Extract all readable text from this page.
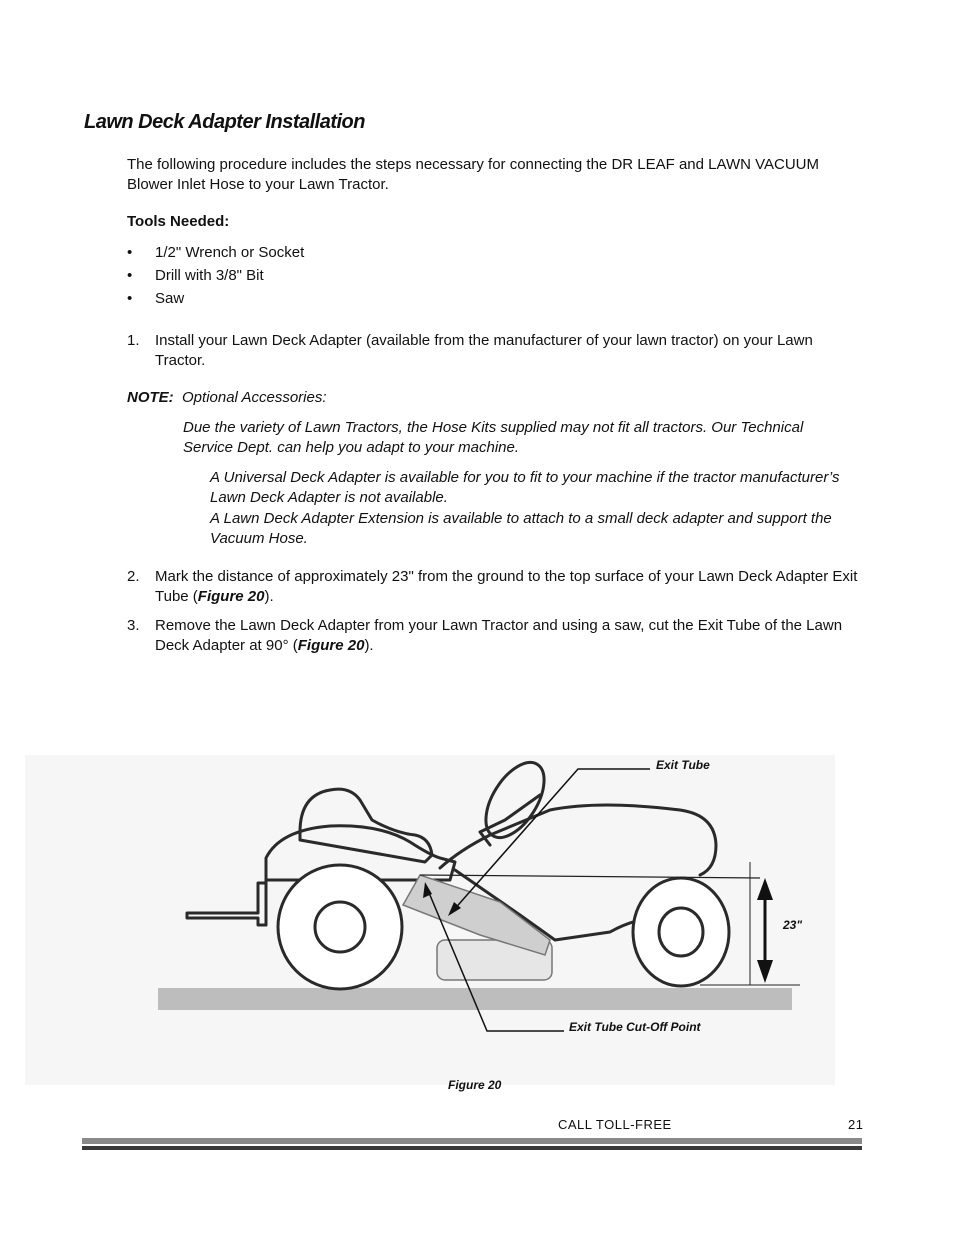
Lawn Deck Adapter Installation
The following procedure includes the steps necessary for connecting the DR LEAF and LAWN VACUUM Blower Inlet Hose to your Lawn Tractor.
Tools Needed:
• 1/2" Wrench or Socket
• Drill with 3/8" Bit
• Saw
1. Install your Lawn Deck Adapter (available from the manufacturer of your lawn tractor) on your Lawn Tractor.
NOTE: Optional Accessories:
Due the variety of Lawn Tractors, the Hose Kits supplied may not fit all tractors. Our Technical Service Dept. can help you adapt to your machine.
A Universal Deck Adapter is available for you to fit to your machine if the tractor manufacturer’s Lawn Deck Adapter is not available.
A Lawn Deck Adapter Extension is available to attach to a small deck adapter and support the Vacuum Hose.
2. Mark the distance of approximately 23" from the ground to the top surface of your Lawn Deck Adapter Exit Tube (Figure 20).
3. Remove the Lawn Deck Adapter from your Lawn Tractor and using a saw, cut the Exit Tube of the Lawn Deck Adapter at 90° (Figure 20).
Exit Tube
23"
Exit Tube Cut-Off Point
Figure 20
CALL TOLL-FREE	21
